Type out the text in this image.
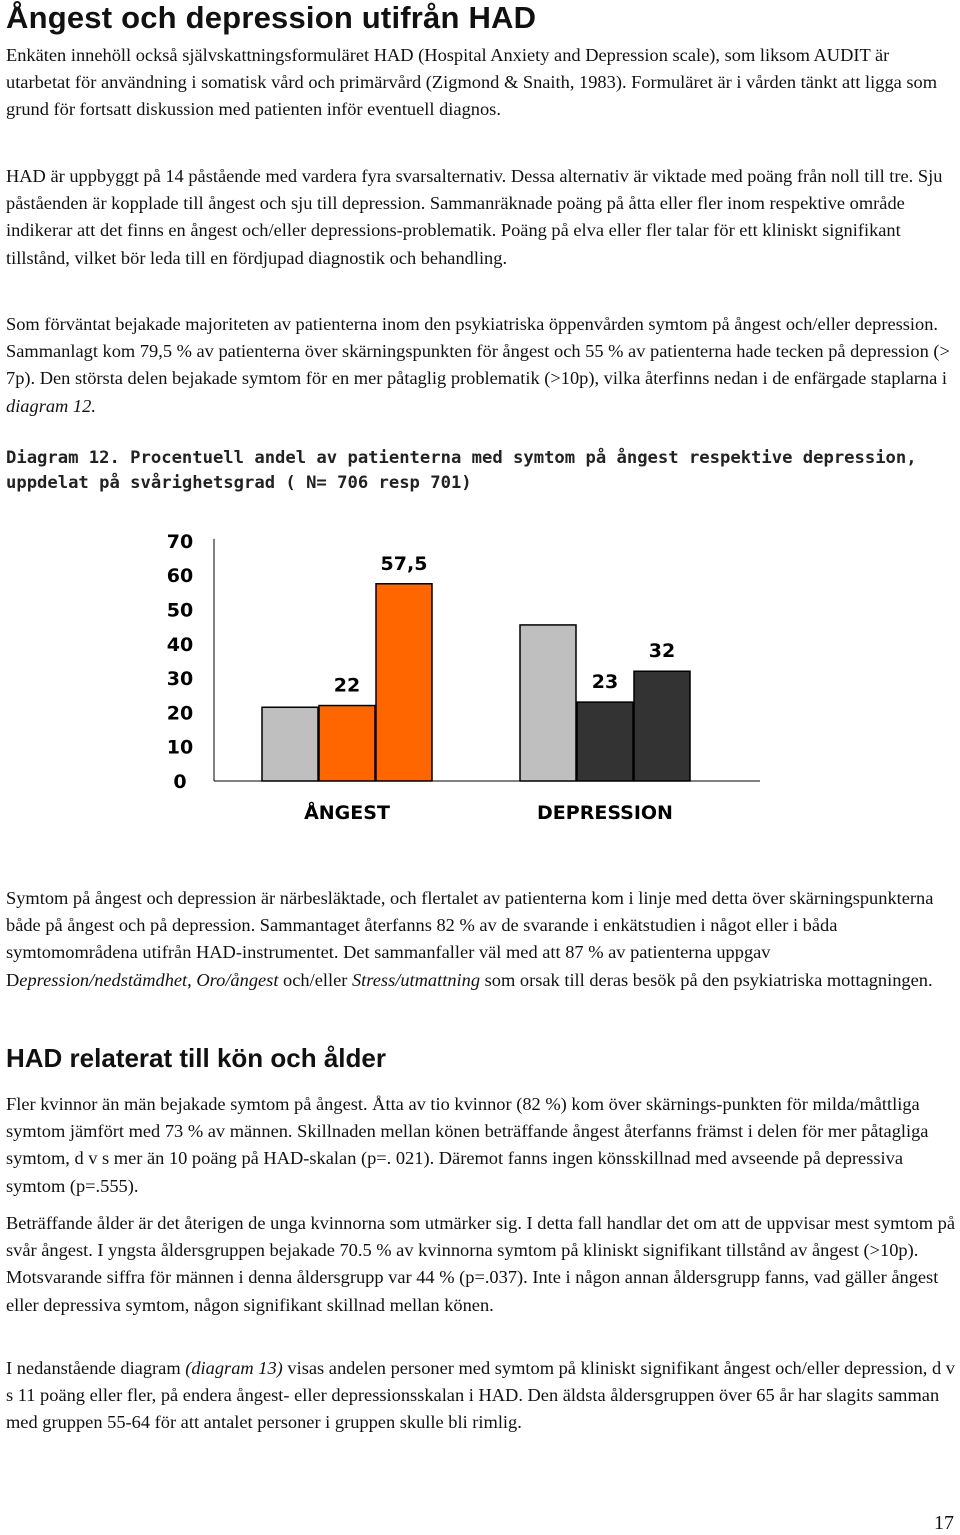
Ångest och depression utifrån HAD

Enkäten innehöll också självskattningsformuläret HAD (Hospital Anxiety and Depression scale), som liksom AUDIT är utarbetat för användning i somatisk vård och primärvård (Zigmond & Snaith, 1983). Formuläret är i vården tänkt att ligga som grund för fortsatt diskussion med patienten inför eventuell diagnos.

HAD är uppbyggt på 14 påstående med vardera fyra svarsalternativ. Dessa alternativ är viktade med poäng från noll till tre. Sju påståenden är kopplade till ångest och sju till depression. Sammanräknade poäng på åtta eller fler inom respektive område indikerar att det finns en ångest och/eller depressions-problematik. Poäng på elva eller fler talar för ett kliniskt signifikant tillstånd, vilket bör leda till en fördjupad diagnostik och behandling.

Som förväntat bejakade majoriteten av patienterna inom den psykiatriska öppenvården symtom på ångest och/eller depression. Sammanlagt kom 79,5 % av patienterna över skärningspunkten för ångest och 55 % av patienterna hade tecken på depression (> 7p). Den största delen bejakade symtom för en mer påtaglig problematik (>10p), vilka återfinns nedan i de enfärgade staplarna i diagram 12.

Diagram 12. Procentuell andel av patienterna med symtom på ångest respektive depression, uppdelat på svårighetsgrad ( N= 706 resp 701)
0
10
20
30
40
50
60
70
22
57,5
ÅNGEST
23
32
DEPRESSION

Symtom på ångest och depression är närbesläktade, och flertalet av patienterna kom i linje med detta över skärningspunkterna både på ångest och på depression. Sammantaget återfanns 82 % av de svarande i enkätstudien i något eller i båda symtomområdena utifrån HAD-instrumentet. Det sammanfaller väl med att 87 % av patienterna uppgav Depression/nedstämdhet, Oro/ångest och/eller Stress/utmattning som orsak till deras besök på den psykiatriska mottagningen.

HAD relaterat till kön och ålder

Fler kvinnor än män bejakade symtom på ångest. Åtta av tio kvinnor (82 %) kom över skärnings-punkten för milda/måttliga symtom jämfört med 73 % av männen. Skillnaden mellan könen beträffande ångest återfanns främst i delen för mer påtagliga symtom, d v s mer än 10 poäng på HAD-skalan (p=. 021). Däremot fanns ingen könsskillnad med avseende på depressiva symtom (p=.555).

Beträffande ålder är det återigen de unga kvinnorna som utmärker sig. I detta fall handlar det om att de uppvisar mest symtom på svår ångest. I yngsta åldersgruppen bejakade 70.5 % av kvinnorna symtom på kliniskt signifikant tillstånd av ångest (>10p). Motsvarande siffra för männen i denna åldersgrupp var 44 % (p=.037). Inte i någon annan åldersgrupp fanns, vad gäller ångest eller depressiva symtom, någon signifikant skillnad mellan könen.

I nedanstående diagram (diagram 13) visas andelen personer med symtom på kliniskt signifikant ångest och/eller depression, d v s 11 poäng eller fler, på endera ångest- eller depressionsskalan i HAD. Den äldsta åldersgruppen över 65 år har slagits samman med gruppen 55-64 för att antalet personer i gruppen skulle bli rimlig.

17
